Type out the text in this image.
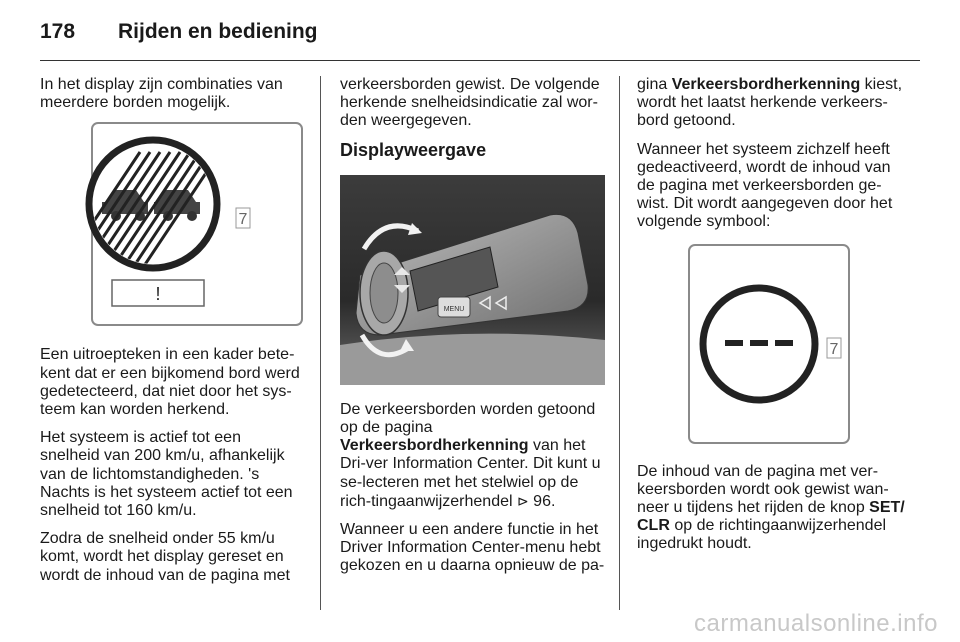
178	Rijden en bediening

In het display zijn combinaties van meerdere borden mogelijk.

7
!

Een uitroepteken in een kader bete-kent dat er een bijkomend bord werd gedetecteerd, dat niet door het sys-teem kan worden herkend.

Het systeem is actief tot een snelheid van 200 km/u, afhankelijk van de lichtomstandigheden. 's Nachts is het systeem actief tot een snelheid tot 160 km/u.

Zodra de snelheid onder 55 km/u komt, wordt het display gereset en wordt de inhoud van de pagina met

verkeersborden gewist. De volgende herkende snelheidsindicatie zal wor-den weergegeven.

Displayweergave
MENU

De verkeersborden worden getoond op de pagina
Verkeersbordherkenning van het Dri-ver Information Center. Dit kunt u se-lecteren met het stelwiel op de rich-tingaanwijzerhendel ⊳ 96.

Wanneer u een andere functie in het Driver Information Center-menu hebt gekozen en u daarna opnieuw de pa-

gina Verkeersbordherkenning kiest, wordt het laatst herkende verkeers-bord getoond.

Wanneer het systeem zichzelf heeft gedeactiveerd, wordt de inhoud van de pagina met verkeersborden ge-wist. Dit wordt aangegeven door het volgende symbool:

7

De inhoud van de pagina met ver-keersborden wordt ook gewist wan-neer u tijdens het rijden de knop SET/ CLR op de richtingaanwijzerhendel ingedrukt houdt.

carmanualsonline.info
